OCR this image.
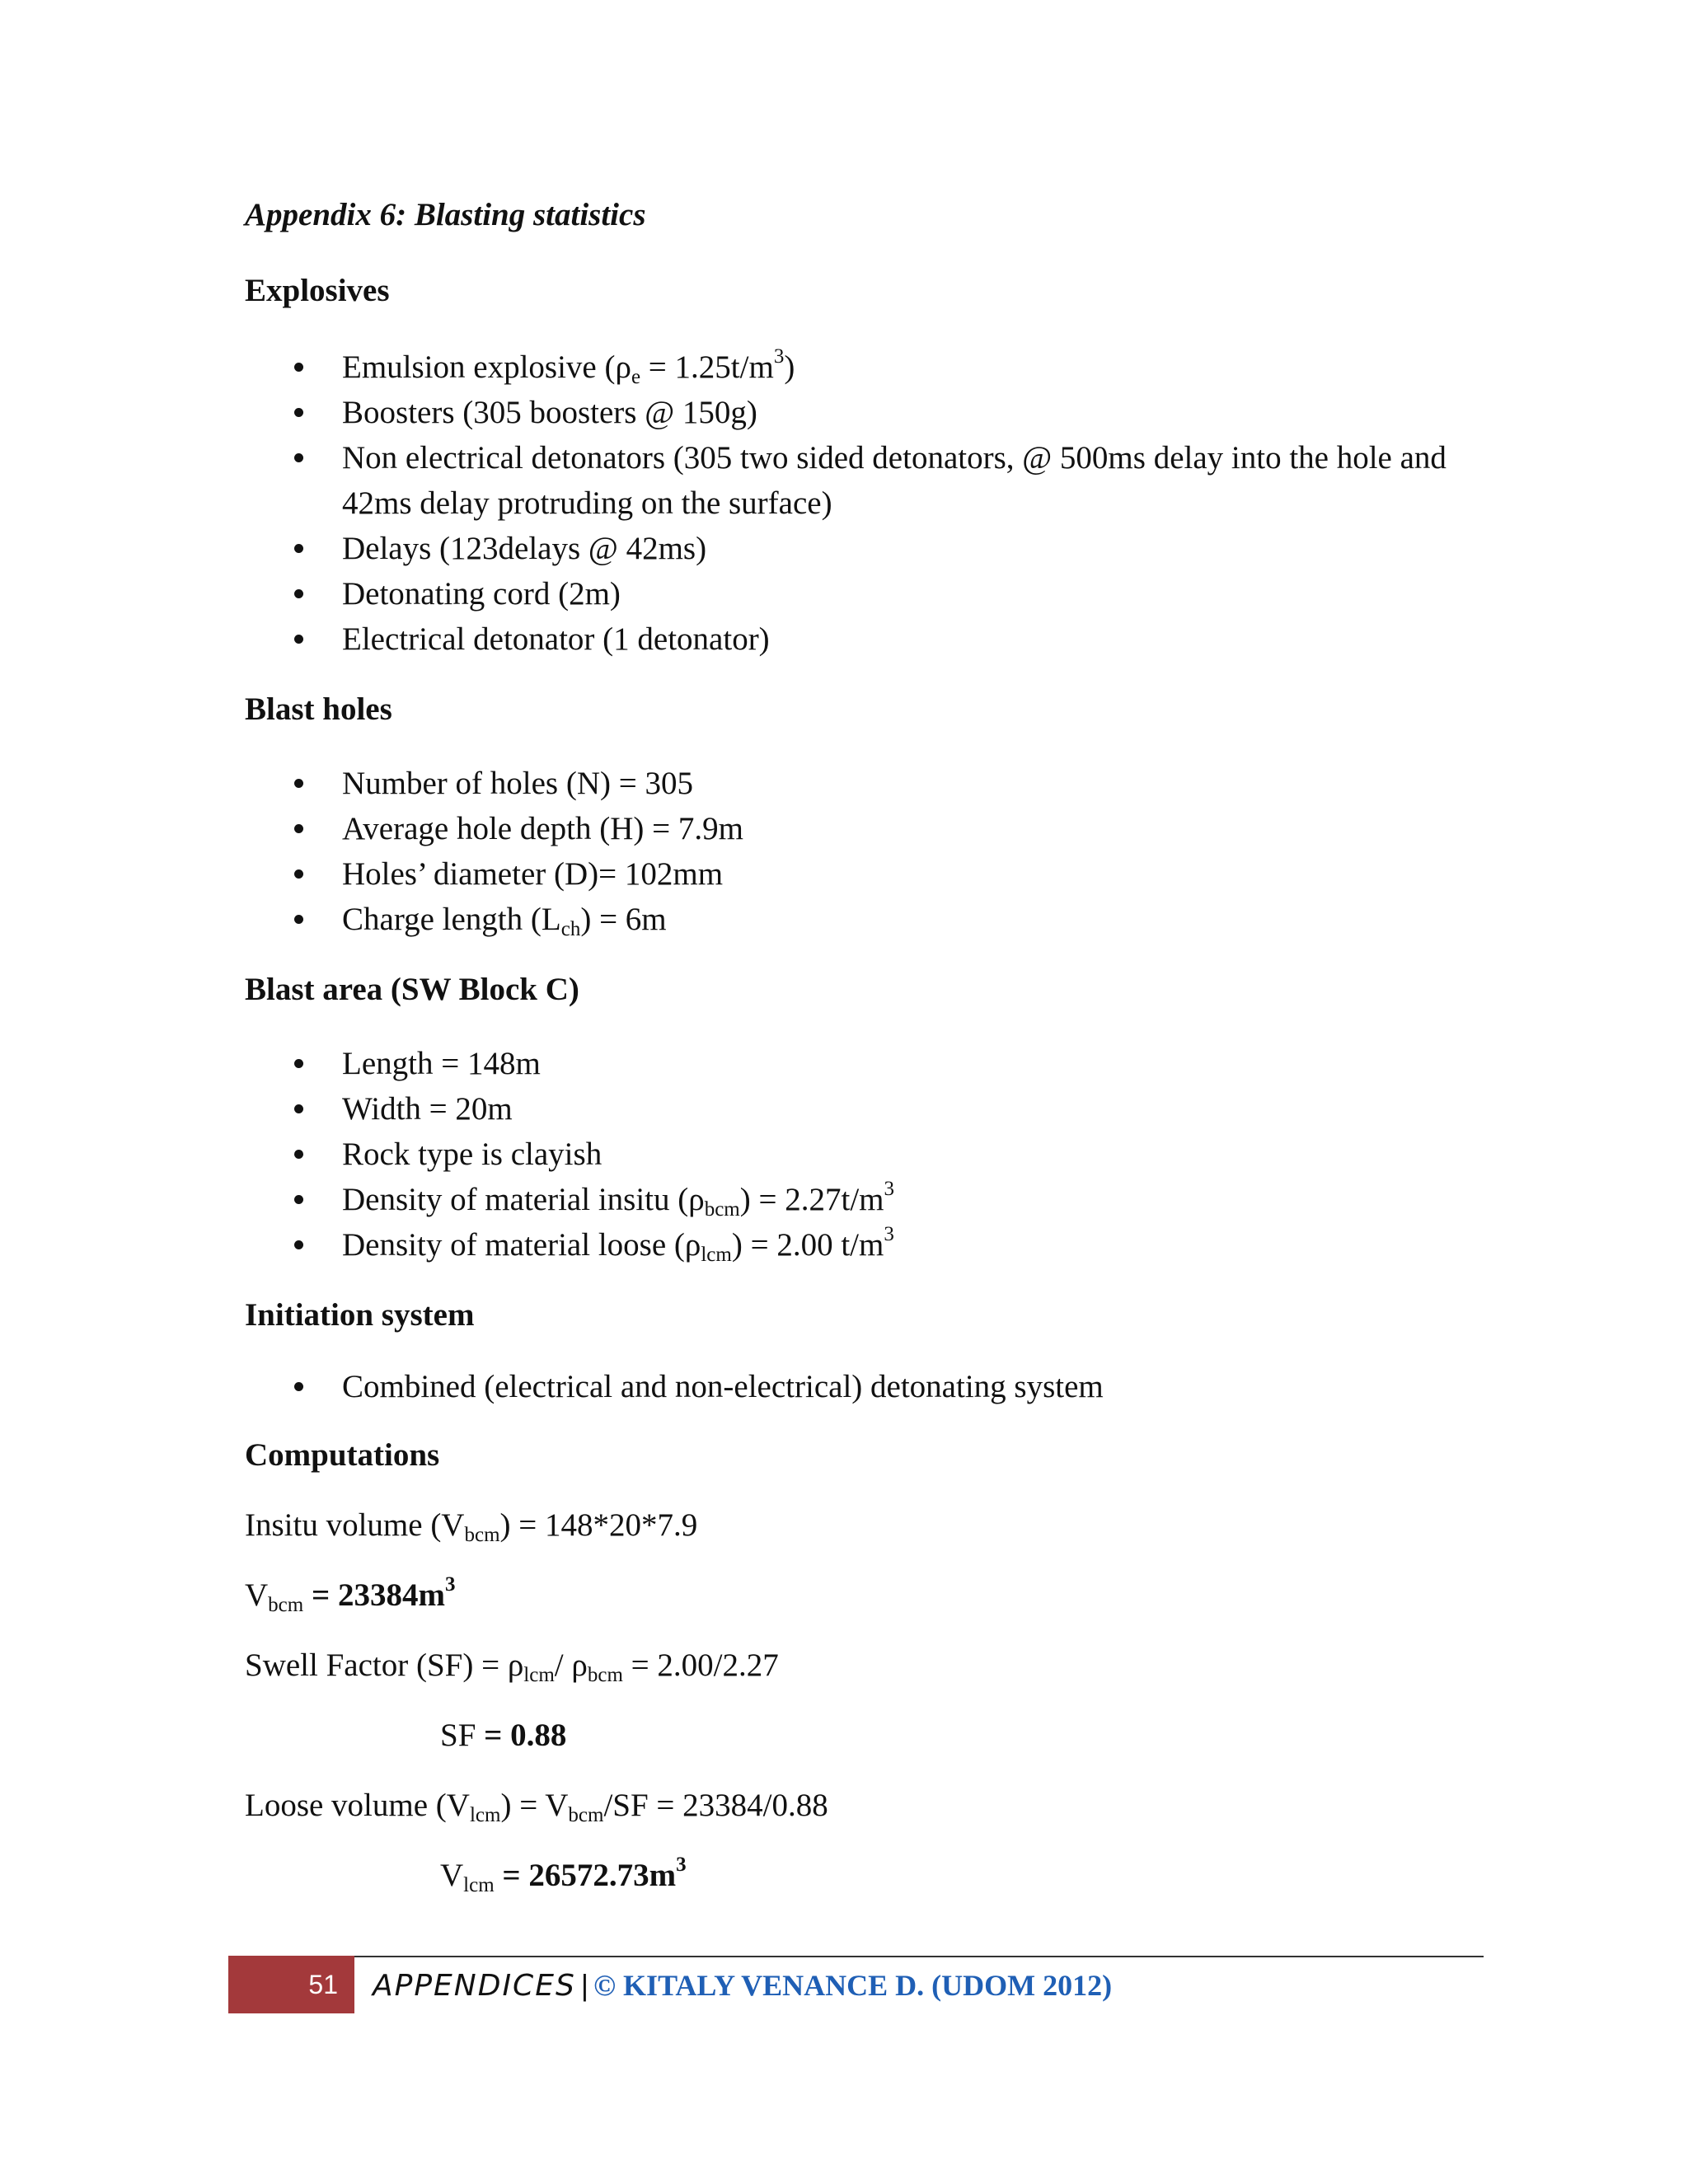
Appendix 6: Blasting statistics
Explosives
Emulsion explosive $(\rho_e = 1.25t/m^3)$
Boosters (305 boosters @ 150g)
Non electrical detonators (305 two sided detonators, @ 500ms delay into the hole and 42ms delay protruding on the surface)
Delays (123delays @ 42ms)
Detonating cord (2m)
Electrical detonator (1 detonator)
Blast holes
Number of holes (N) = 305
Average hole depth (H) = 7.9m
Holes’ diameter (D)= 102mm
Charge length $(L_{ch}) = 6m$
Blast area (SW Block C)
Length = 148m
Width = 20m
Rock type is clayish
Density of material insitu $(\rho_{bcm}) = 2.27t/m^3$
Density of material loose $(\rho_{lcm}) = 2.00$ $t/m^3$
Initiation system
Combined (electrical and non-electrical) detonating system
Computations
Insitu volume $(V_{bcm}) = 148*20*7.9$
$V_{bcm} = 23384m^3$
Swell Factor $(SF) = \rho_{lcm}/$ $\rho_{bcm} = 2.00/2.27$
SF = 0.88
Loose volume $(V_{lcm}) = V_{bcm}/SF = 23384/0.88$
$V_{lcm} = 26572.73m^3$
51 APPENDICES | © KITALY VENANCE D. (UDOM 2012)
